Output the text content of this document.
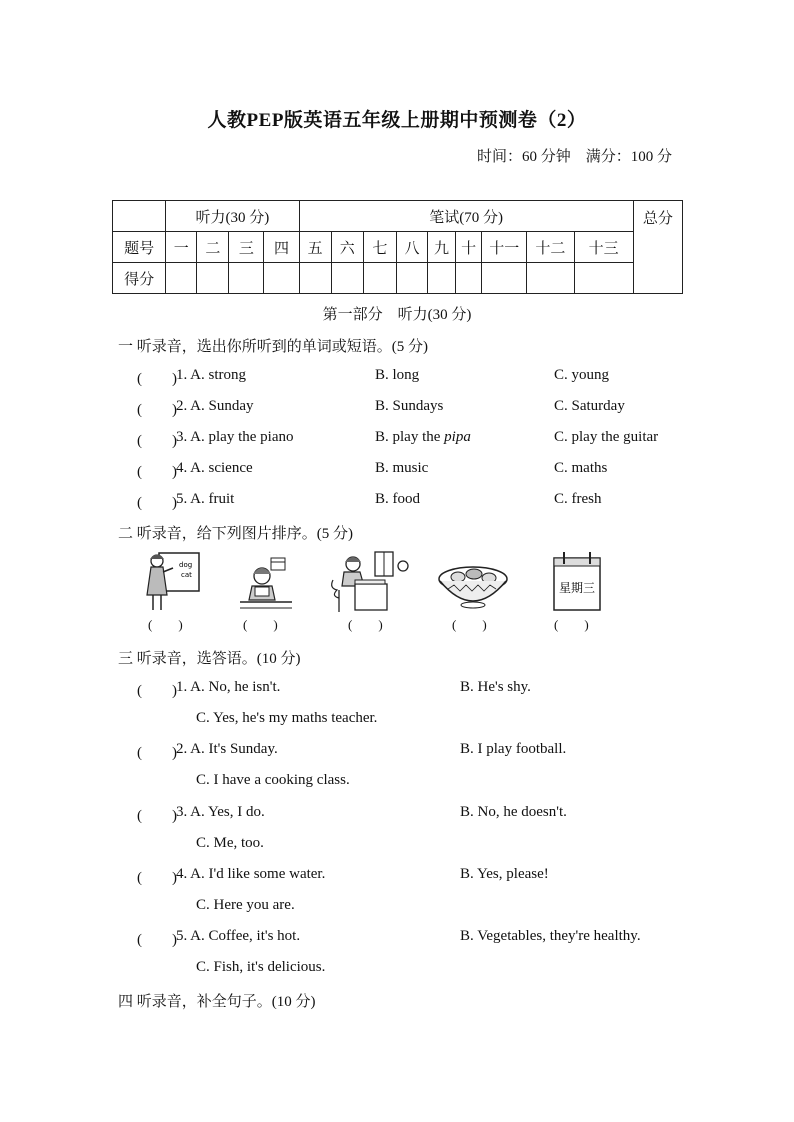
人教PEP版英语五年级上册期中预测卷（2）
时间：60 分钟　满分：100 分
	听力(30 分)				笔试(70 分)									总分
题号	一	二	三	四	五	六	七	八	九	十	十一	十二	十三	
得分														
第一部分　听力(30 分)
一 听录音，选出你所听到的单词或短语。(5 分)
(　　) 1. A. strong	B. long	C. young
(　　) 2. A. Sunday	B. Sundays	C. Saturday
(　　) 3. A. play the piano	B. play the pipa	C. play the guitar
(　　) 4. A. science	B. music	C. maths
(　　) 5. A. fruit	B. food	C. fresh
二 听录音，给下列图片排序。(5 分)
dog
cat
(　　)	(　　)	(　　)	(　　)
星期三
(　　)
三 听录音，选答语。(10 分)
(　　) 1. A. No, he isn't.	B. He's shy.
C. Yes, he's my maths teacher.
(　　) 2. A. It's Sunday.	B. I play football.
C. I have a cooking class.
(　　) 3. A. Yes, I do.	B. No, he doesn't.
C. Me, too.
(　　) 4. A. I'd like some water.	B. Yes, please!
C. Here you are.
(　　) 5. A. Coffee, it's hot.	B. Vegetables, they're healthy.
C. Fish, it's delicious.
四 听录音，补全句子。(10 分)
